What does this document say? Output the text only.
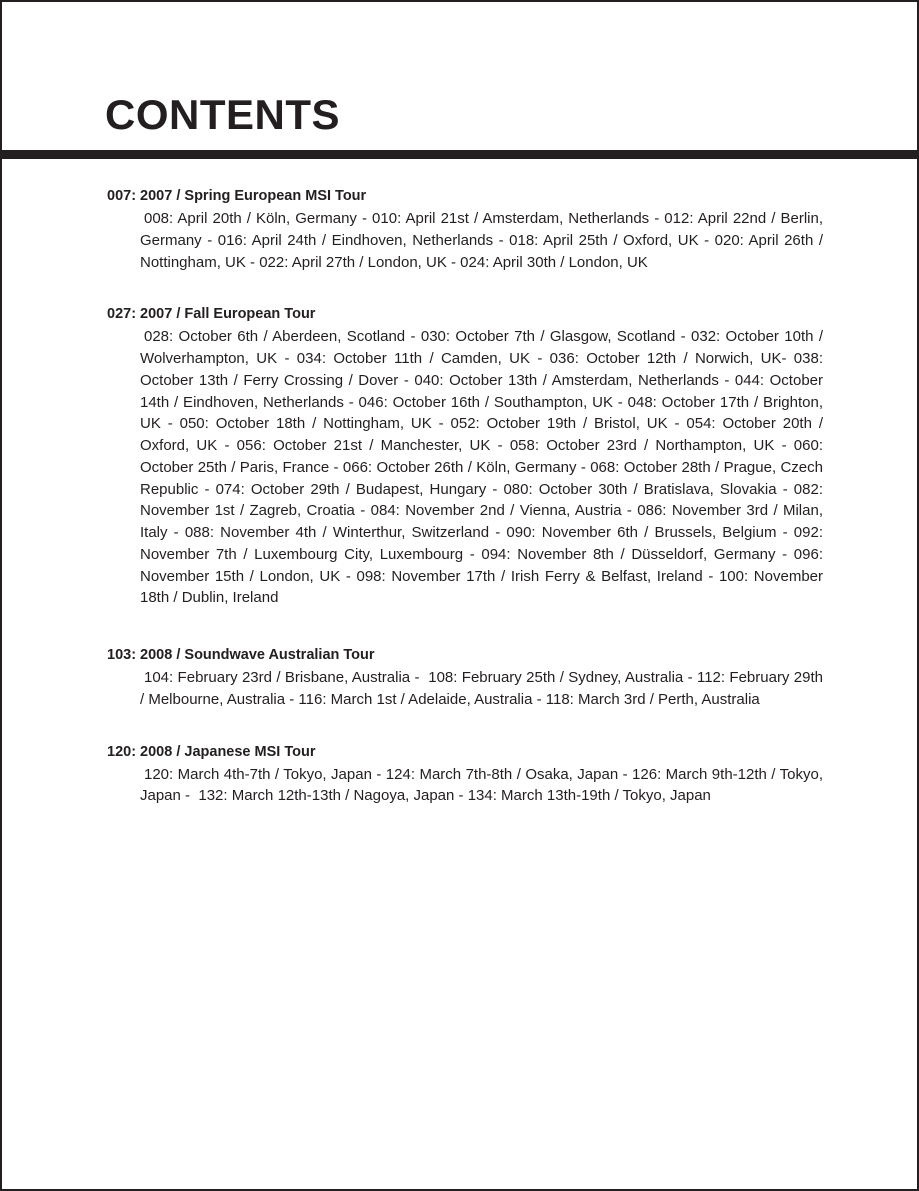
CONTENTS
007: 2007 / Spring European MSI Tour
008: April 20th / Köln, Germany - 010: April 21st / Amsterdam, Netherlands - 012: April 22nd / Berlin, Germany - 016: April 24th / Eindhoven, Netherlands - 018: April 25th / Oxford, UK - 020: April 26th / Nottingham, UK - 022: April 27th / London, UK - 024: April 30th / London, UK
027: 2007 / Fall European Tour
028: October 6th / Aberdeen, Scotland - 030: October 7th / Glasgow, Scotland - 032: October 10th / Wolverhampton, UK - 034: October 11th / Camden, UK - 036: October 12th / Norwich, UK- 038: October 13th / Ferry Crossing / Dover - 040: October 13th / Amsterdam, Netherlands - 044: October 14th / Eindhoven, Netherlands - 046: October 16th / Southampton, UK - 048: October 17th / Brighton, UK - 050: October 18th / Nottingham, UK - 052: October 19th / Bristol, UK - 054: October 20th / Oxford, UK - 056: October 21st / Manchester, UK - 058: October 23rd / Northampton, UK - 060: October 25th / Paris, France - 066: October 26th / Köln, Germany - 068: October 28th / Prague, Czech Republic - 074: October 29th / Budapest, Hungary - 080: October 30th / Bratislava, Slovakia - 082: November 1st / Zagreb, Croatia - 084: November 2nd / Vienna, Austria - 086: November 3rd / Milan, Italy - 088: November 4th / Winterthur, Switzerland - 090: November 6th / Brussels, Belgium - 092: November 7th / Luxembourg City, Luxembourg - 094: November 8th / Düsseldorf, Germany - 096: November 15th / London, UK - 098: November 17th / Irish Ferry & Belfast, Ireland - 100: November 18th / Dublin, Ireland
103: 2008 / Soundwave Australian Tour
104: February 23rd / Brisbane, Australia -  108: February 25th / Sydney, Australia - 112: February 29th / Melbourne, Australia - 116: March 1st / Adelaide, Australia - 118: March 3rd / Perth, Australia
120: 2008 / Japanese MSI Tour
120: March 4th-7th / Tokyo, Japan - 124: March 7th-8th / Osaka, Japan - 126: March 9th-12th / Tokyo, Japan -  132: March 12th-13th / Nagoya, Japan - 134: March 13th-19th / Tokyo, Japan
